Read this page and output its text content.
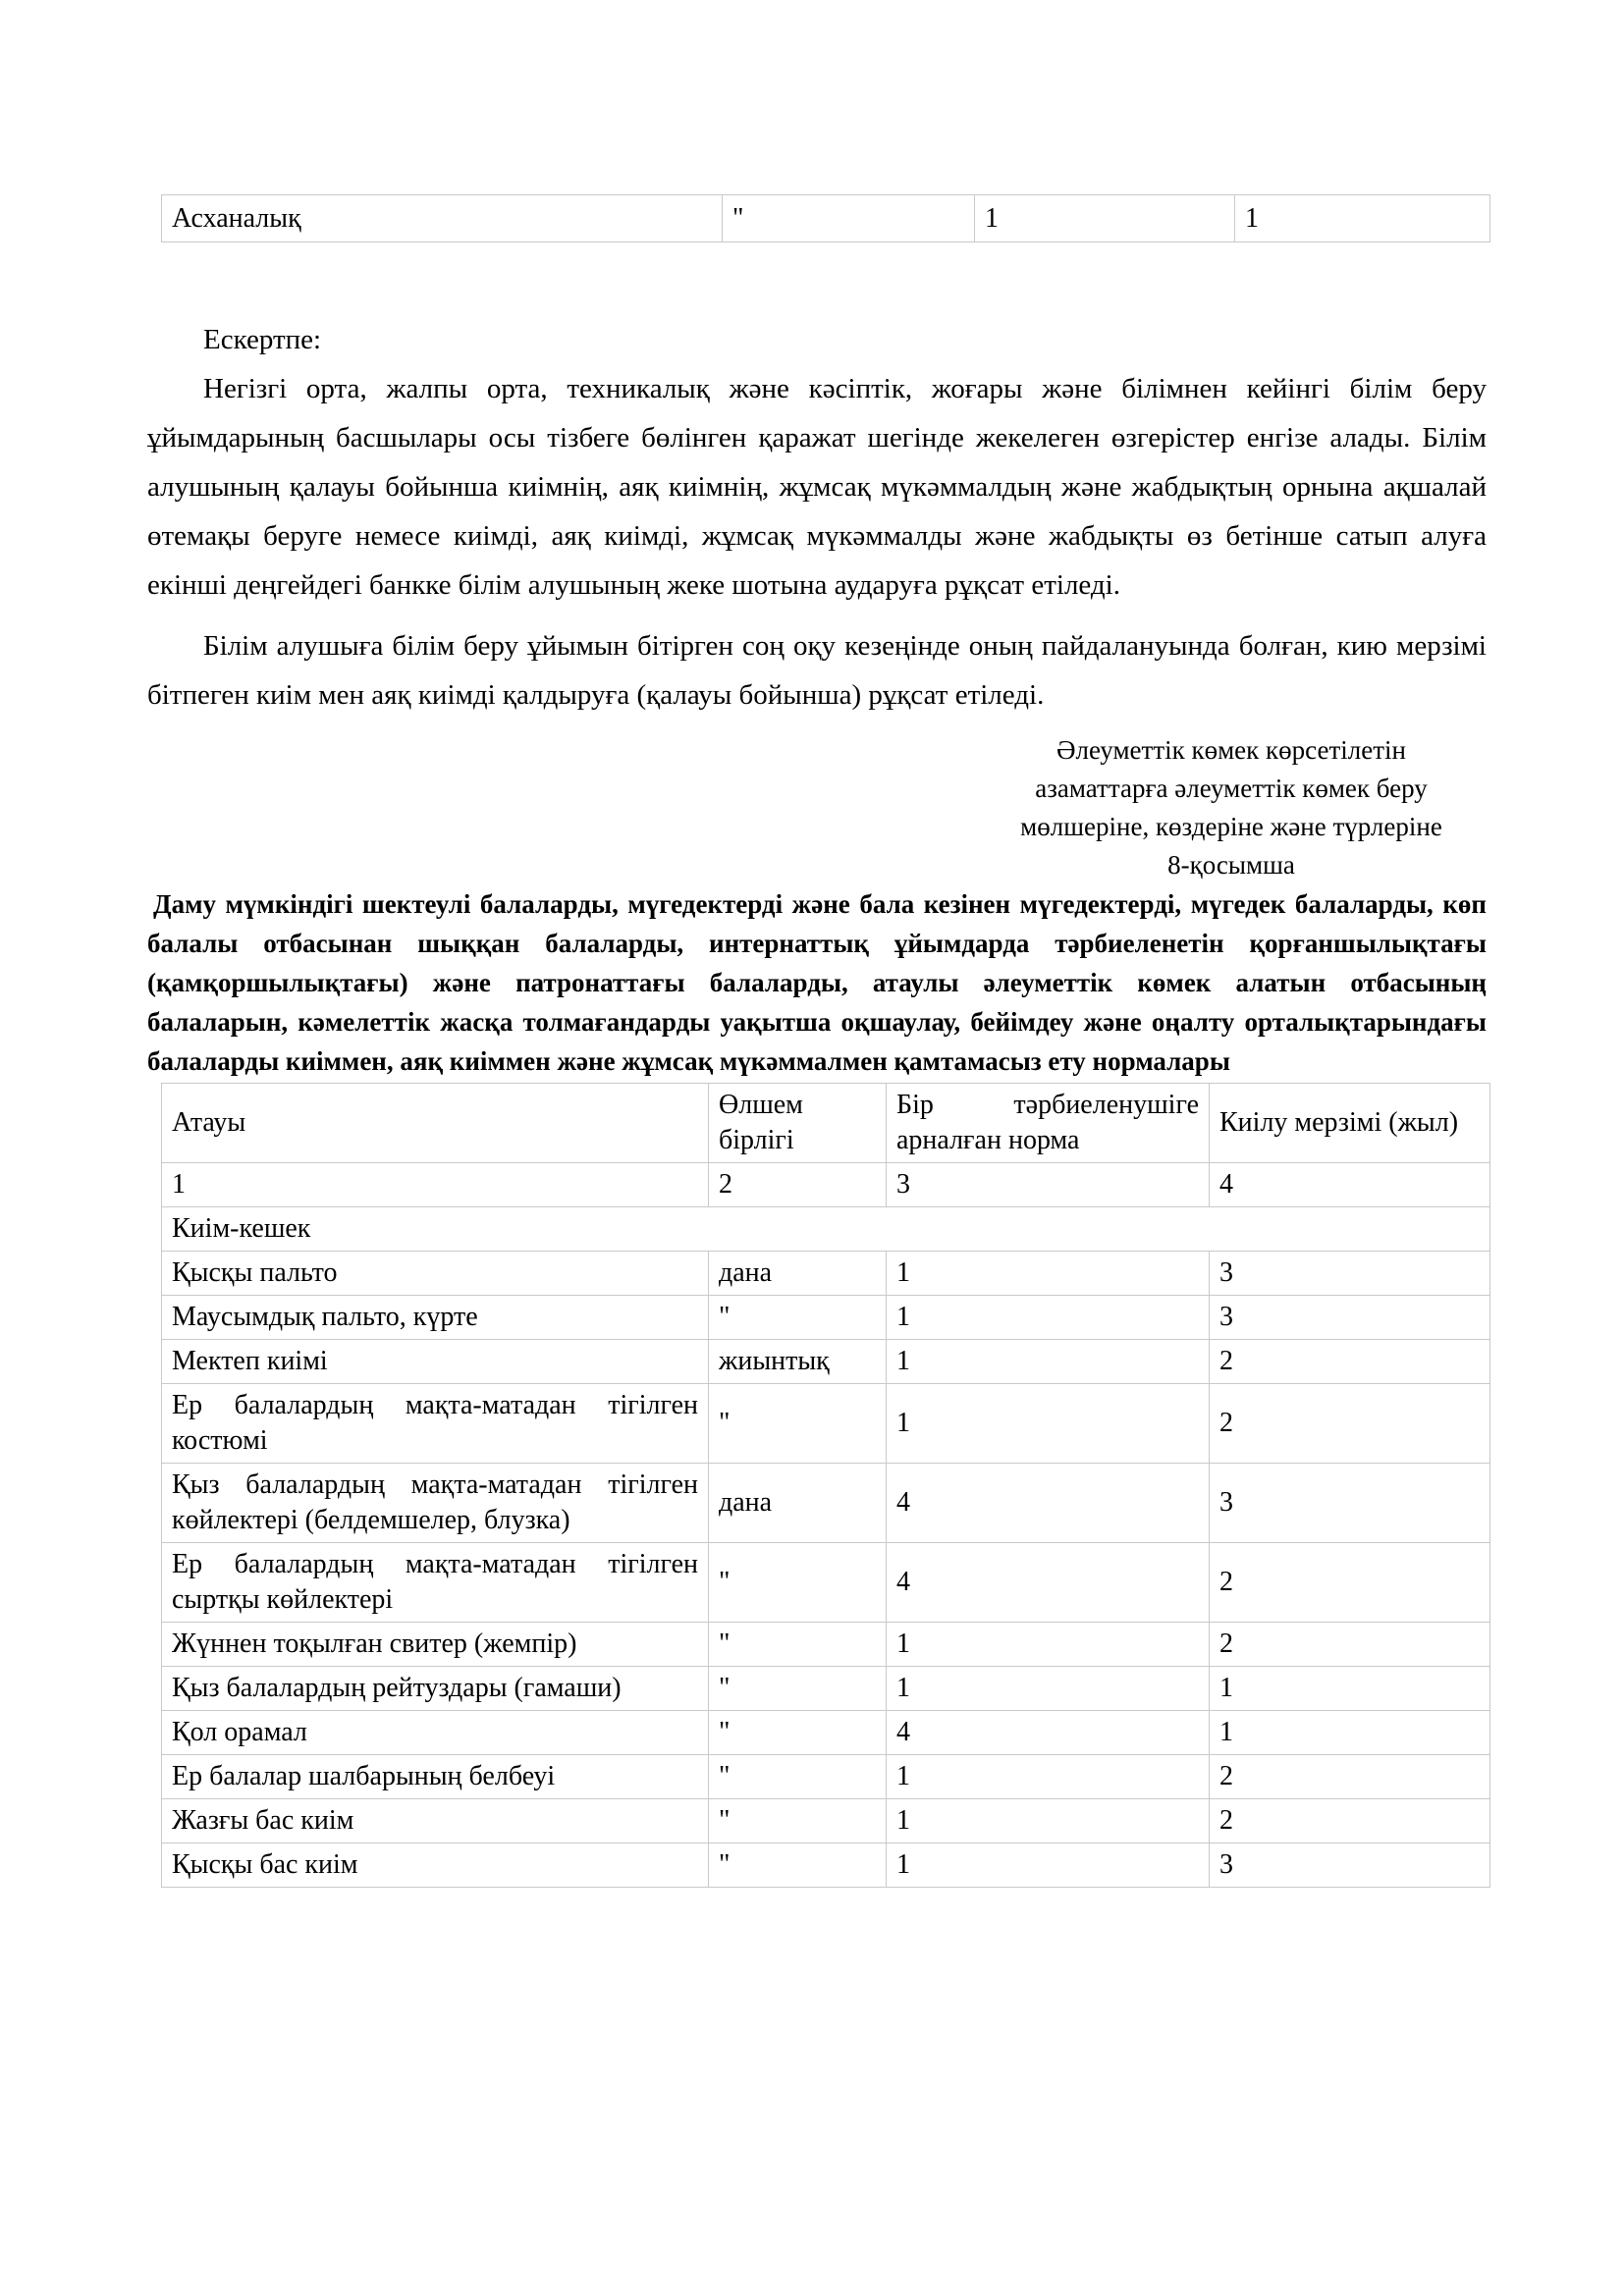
Асханалық	"	1	1

Ескертпе:

Негізгі орта, жалпы орта, техникалық және кәсіптік, жоғары және білімнен кейінгі білім беру ұйымдарының басшылары осы тізбеге бөлінген қаражат шегінде жекелеген өзгерістер енгізе алады. Білім алушының қалауы бойынша киімнің, аяқ киімнің, жұмсақ мүкәммалдың және жабдықтың орнына ақшалай өтемақы беруге немесе киімді, аяқ киімді, жұмсақ мүкәммалды және жабдықты өз бетінше сатып алуға екінші деңгейдегі банкке білім алушының жеке шотына аударуға рұқсат етіледі.

Білім алушыға білім беру ұйымын бітірген соң оқу кезеңінде оның пайдалануында болған, кию мерзімі бітпеген киім мен аяқ киімді қалдыруға (қалауы бойынша) рұқсат етіледі.

Әлеуметтік көмек көрсетілетін

азаматтарға әлеуметтік көмек беру

мөлшеріне, көздеріне және түрлеріне

8-қосымша

Даму мүмкіндігі шектеулі балаларды, мүгедектерді және бала кезінен мүгедектерді, мүгедек балаларды, көп балалы отбасынан шыққан балаларды, интернаттық ұйымдарда тәрбиеленетін қорғаншылықтағы (қамқоршылықтағы) және патронаттағы балаларды, атаулы әлеуметтік көмек алатын отбасының балаларын, кәмелеттік жасқа толмағандарды уақытша оқшаулау, бейімдеу және оңалту орталықтарындағы балаларды киіммен, аяқ киіммен және жұмсақ мүкәммалмен қамтамасыз ету нормалары

Атауы	Өлшем бірлігі	Бір тәрбиеленушіге арналған норма	Киілу мерзімі (жыл)
1	2	3	4
Киім-кешек			
Қысқы пальто	дана	1	3
Маусымдық пальто, күрте	"	1	3
Мектеп киімі	жиынтық	1	2
Ер балалардың мақта-матадан тігілген костюмі	"	1	2
Қыз балалардың мақта-матадан тігілген көйлектері (белдемшелер, блузка)	дана	4	3
Ер балалардың мақта-матадан тігілген сыртқы көйлектері	"	4	2
Жүннен тоқылған свитер (жемпір)	"	1	2
Қыз балалардың рейтуздары (гамаши)	"	1	1
Қол орамал	"	4	1
Ер балалар шалбарының белбеуі	"	1	2
Жазғы бас киім	"	1	2
Қысқы бас киім	"	1	3
